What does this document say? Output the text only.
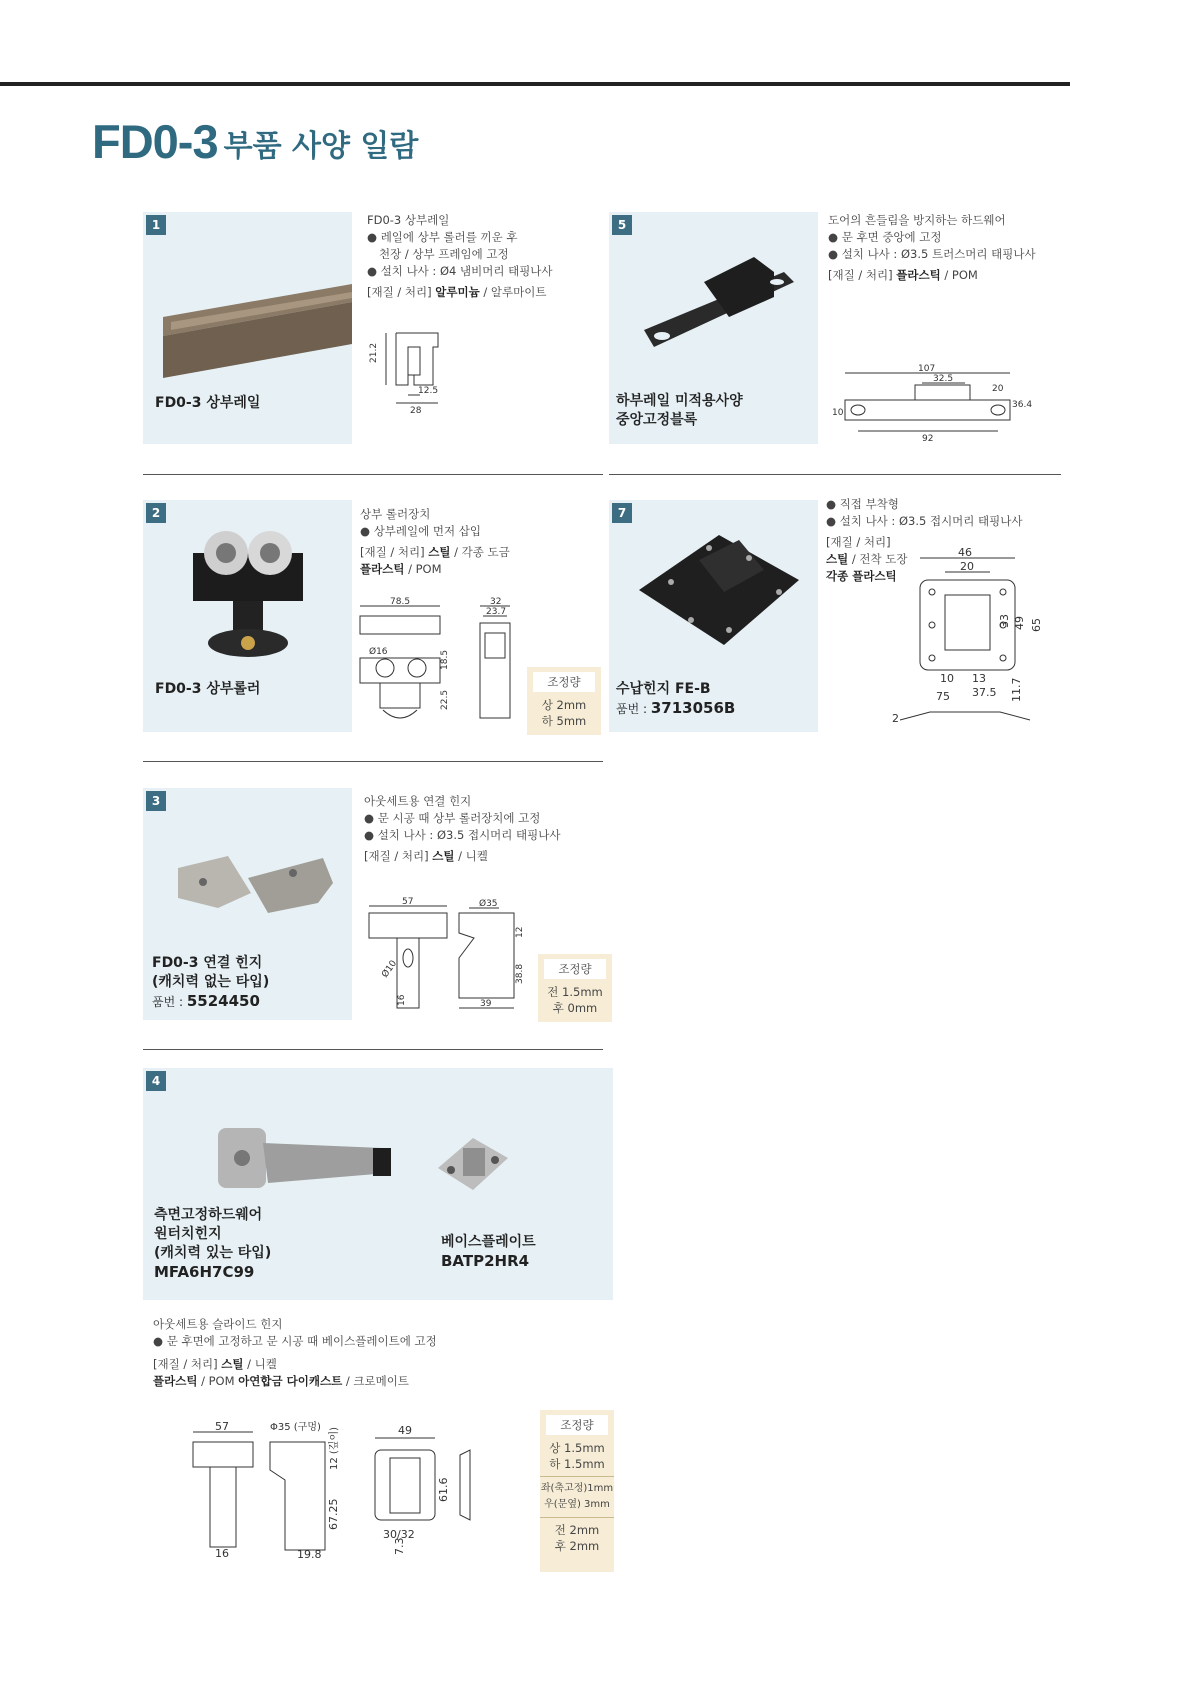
FD0-3 부품 사양 일람
1
FD0-3 상부레일
FD0-3 상부레일
● 레일에 상부 롤러를 끼운 후
천장 / 상부 프레임에 고정
● 설치 나사 : Ø4 냄비머리 태핑나사
[재질 / 처리] 알루미늄 / 알루마이트
21.2
28
12.5
5
하부레일 미적용사양
중앙고정블록
도어의 흔들림을 방지하는 하드웨어
● 문 후면 중앙에 고정
● 설치 나사 : Ø3.5 트러스머리 태핑나사
[재질 / 처리] 플라스틱 / POM
107
32.5
92
10
20
36.4
2
FD0-3 상부롤러
상부 롤러장치
● 상부레일에 먼저 삽입
[재질 / 처리] 스틸 / 각종 도금
플라스틱 / POM
78.5
Ø16	18.5
22.5
32
23.7
조정량
상 2mm
하 5mm
7
수납힌지 FE-B
품번 : 3713056B
● 직접 부착형
● 설치 나사 : Ø3.5 접시머리 태핑나사
[재질 / 처리]
스틸 / 전착 도장
각종 플라스틱
46
20
33 49 65
10 13
37.5
75	11.7
2
3
FD0-3 연결 힌지
(캐치력 없는 타입)
품번 : 5524450
아웃세트용 연결 힌지
● 문 시공 때 상부 롤러장치에 고정
● 설치 나사 : Ø3.5 접시머리 태핑나사
[재질 / 처리] 스틸 / 니켈
57
Ø10
16
Ø35
12
38.8
39
조정량
전 1.5mm
후 0mm
4
측면고정하드웨어
원터치힌지
(캐치력 있는 타입)
MFA6H7C99
베이스플레이트
BATP2HR4
아웃세트용 슬라이드 힌지
● 문 후면에 고정하고 문 시공 때 베이스플레이트에 고정
[재질 / 처리] 스틸 / 니켈
플라스틱 / POM 아연합금 다이캐스트 / 크로메이트
57
16
Φ35 (구멍) 12 (깊이)
67.25
19.8
49
61.6
30/32
7.3
조정량
상 1.5mm
하 1.5mm
좌(축고정)1mm
우(문옆) 3mm
전 2mm
후 2mm
